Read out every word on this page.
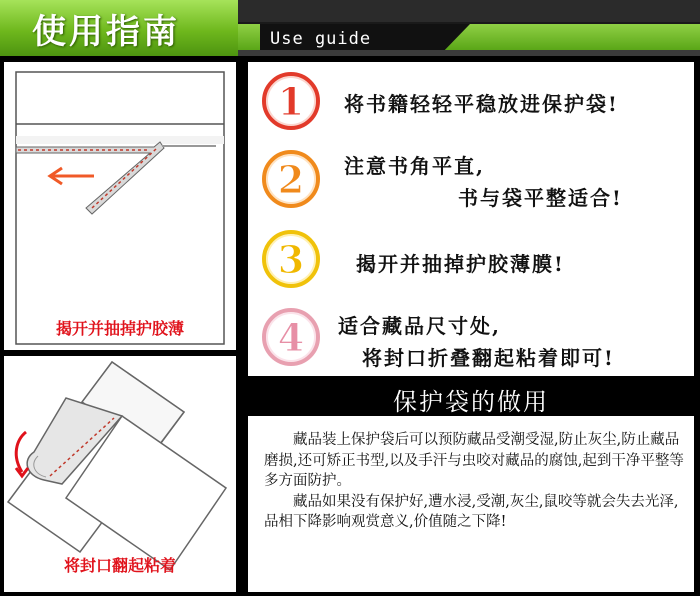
使用指南	Use guide
揭开并抽掉护胶薄
将封口翻起粘着
1	将书籍轻轻平稳放进保护袋!
2	注意书角平直,
书与袋平整适合!
3	揭开并抽掉护胶薄膜!
4	适合藏品尺寸处,
将封口折叠翻起粘着即可!
保护袋的做用

藏品装上保护袋后可以预防藏品受潮受湿,防止灰尘,防止藏品磨损,还可矫正书型,以及手汗与虫咬对藏品的腐蚀,起到干净平整等多方面防护。

藏品如果没有保护好,遭水浸,受潮,灰尘,鼠咬等就会失去光泽,品相下降影响观赏意义,价值随之下降!
